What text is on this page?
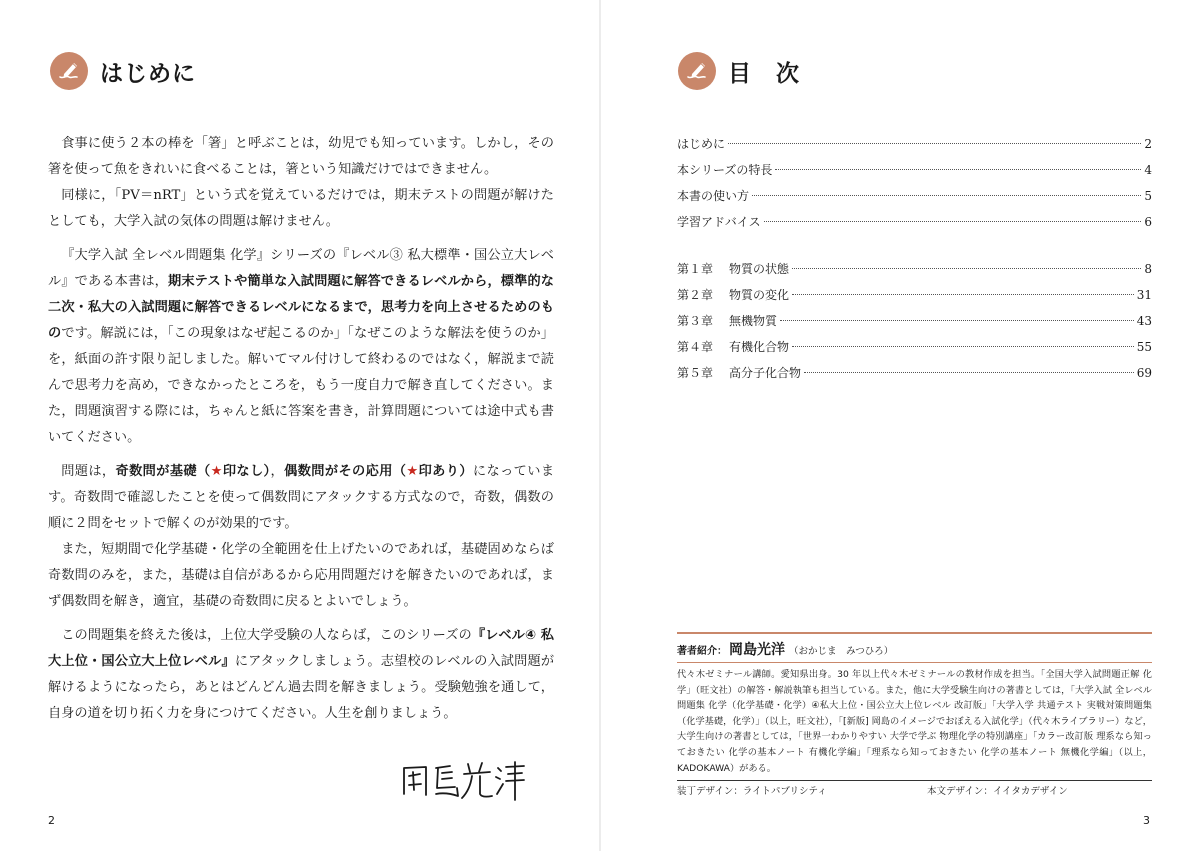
はじめに

食事に使う２本の棒を「箸」と呼ぶことは，幼児でも知っています。しかし，その箸を使って魚をきれいに食べることは，箸という知識だけではできません。

同様に，「PV＝nRT」という式を覚えているだけでは，期末テストの問題が解けたとしても，大学入試の気体の問題は解けません。

『大学入試 全レベル問題集 化学』シリーズの『レベル③ 私大標準・国公立大レベル』である本書は，期末テストや簡単な入試問題に解答できるレベルから，標準的な二次・私大の入試問題に解答できるレベルになるまで，思考力を向上させるためのものです。解説には，「この現象はなぜ起こるのか」「なぜこのような解法を使うのか」を，紙面の許す限り記しました。解いてマル付けして終わるのではなく，解説まで読んで思考力を高め，できなかったところを，もう一度自力で解き直してください。また，問題演習する際には，ちゃんと紙に答案を書き，計算問題については途中式も書いてください。

問題は，奇数問が基礎（★印なし），偶数問がその応用（★印あり）になっています。奇数問で確認したことを使って偶数問にアタックする方式なので，奇数，偶数の順に２問をセットで解くのが効果的です。

また，短期間で化学基礎・化学の全範囲を仕上げたいのであれば，基礎固めならば奇数問のみを，また，基礎は自信があるから応用問題だけを解きたいのであれば，まず偶数問を解き，適宜，基礎の奇数問に戻るとよいでしょう。

この問題集を終えた後は，上位大学受験の人ならば，このシリーズの『レベル④ 私大上位・国公立大上位レベル』にアタックしましょう。志望校のレベルの入試問題が解けるようになったら，あとはどんどん過去問を解きましょう。受験勉強を通して，自身の道を切り拓く力を身につけてください。人生を創りましょう。

2
目　次
はじめに	2
本シリーズの特長	4
本書の使い方	5
学習アドバイス	6
第１章	物質の状態	8
第２章	物質の変化	31
第３章	無機物質	43
第４章	有機化合物	55
第５章	高分子化合物	69
著者紹介： 岡島光洋 （おかじま　みつひろ）
代々木ゼミナール講師。愛知県出身。30 年以上代々木ゼミナールの教材作成を担当。「全国大学入試問題正解 化学」（旺文社）の解答・解説執筆も担当している。また，他に大学受験生向けの著書としては，「大学入試 全レベル問題集 化学（化学基礎・化学）④私大上位・国公立大上位レベル 改訂版」「大学入学 共通テスト 実戦対策問題集（化学基礎，化学）」（以上，旺文社），「[新版] 岡島のイメージでおぼえる入試化学」（代々木ライブラリー）など，大学生向けの著書としては，「世界一わかりやすい 大学で学ぶ 物理化学の特別講座」「カラー改訂版 理系なら知っておきたい 化学の基本ノート 有機化学編」「理系なら知っておきたい 化学の基本ノート 無機化学編」（以上，KADOKAWA）がある。
装丁デザイン：ライトパブリシティ	本文デザイン：イイタカデザイン
3
